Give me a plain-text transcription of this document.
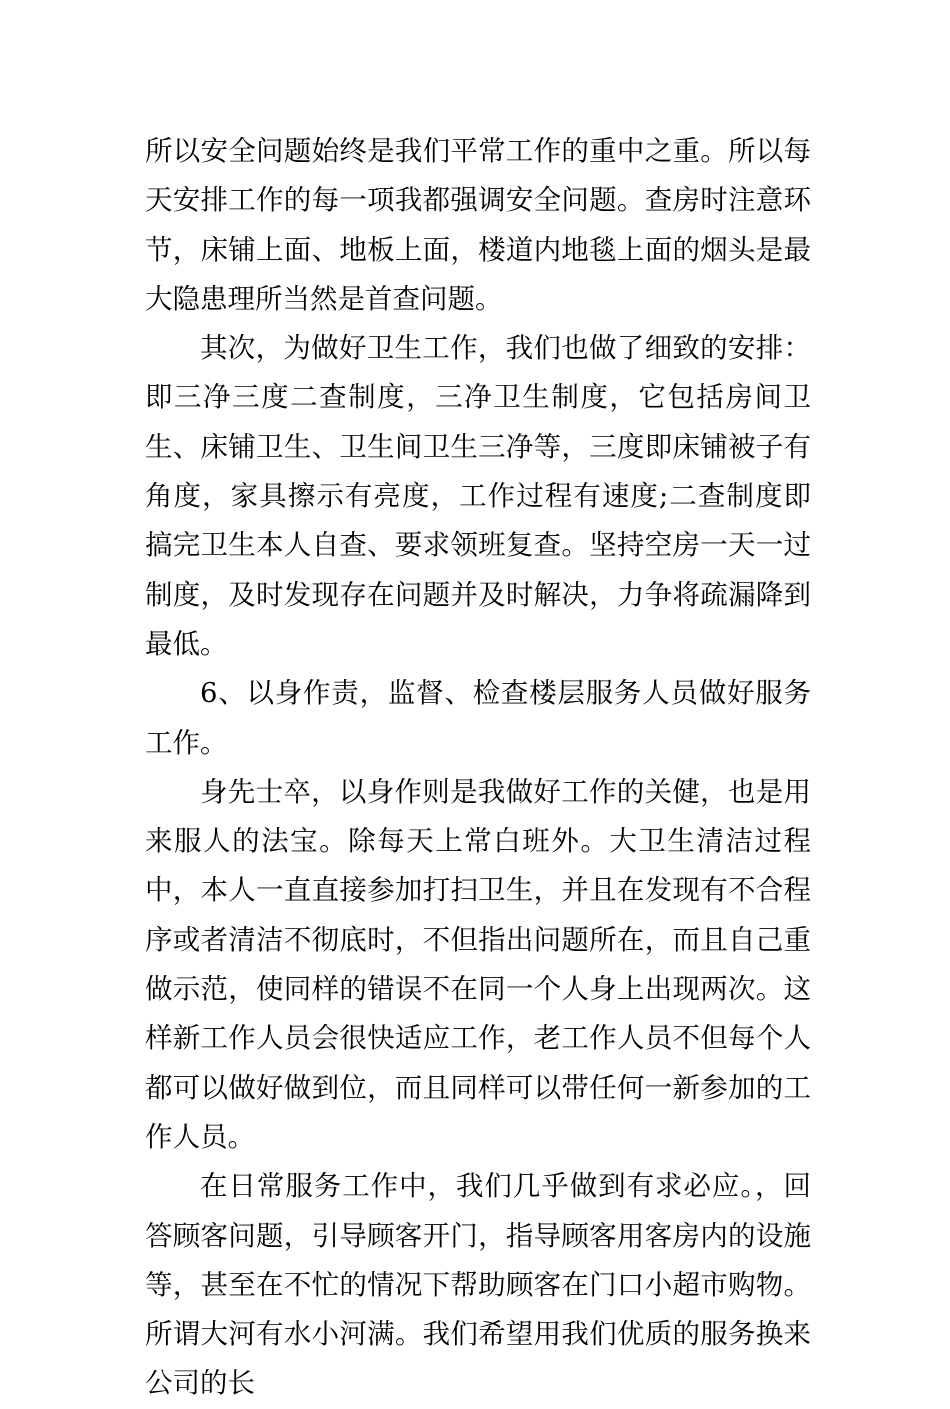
所以安全问题始终是我们平常工作的重中之重。所以每天安排工作的每一项我都强调安全问题。查房时注意环节，床铺上面、地板上面，楼道内地毯上面的烟头是最大隐患理所当然是首查问题。

其次，为做好卫生工作，我们也做了细致的安排：即三净三度二查制度，三净卫生制度，它包括房间卫生、床铺卫生、卫生间卫生三净等，三度即床铺被子有角度，家具擦示有亮度，工作过程有速度;二查制度即搞完卫生本人自查、要求领班复查。坚持空房一天一过制度，及时发现存在问题并及时解决，力争将疏漏降到最低。

6、以身作责，监督、检查楼层服务人员做好服务工作。

身先士卒，以身作则是我做好工作的关健，也是用来服人的法宝。除每天上常白班外。大卫生清洁过程中，本人一直直接参加打扫卫生，并且在发现有不合程序或者清洁不彻底时，不但指出问题所在，而且自己重做示范，使同样的错误不在同一个人身上出现两次。这样新工作人员会很快适应工作，老工作人员不但每个人都可以做好做到位，而且同样可以带任何一新参加的工作人员。

在日常服务工作中，我们几乎做到有求必应。，回答顾客问题，引导顾客开门，指导顾客用客房内的设施等，甚至在不忙的情况下帮助顾客在门口小超市购物。所谓大河有水小河满。我们希望用我们优质的服务换来公司的长
